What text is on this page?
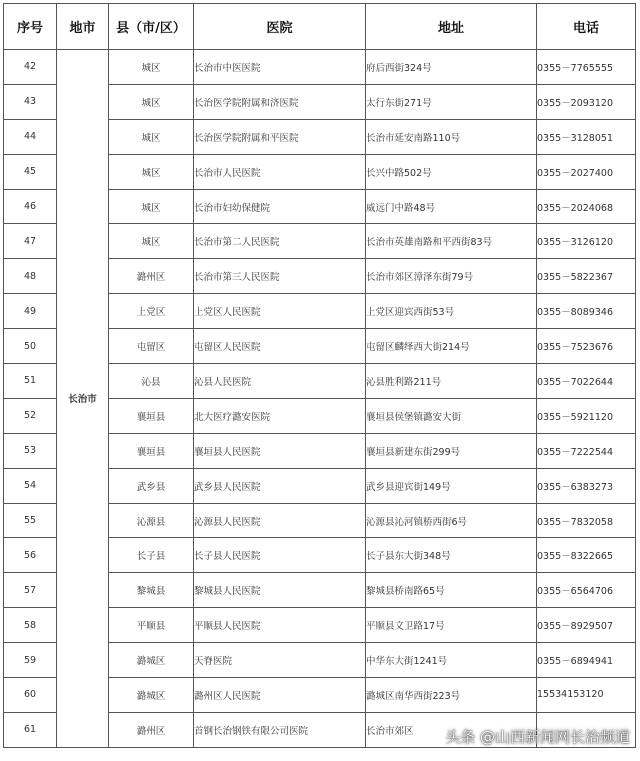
序号	地市	县（市/区）	医院	地址	电话
42	长治市	城区	长治市中医医院	府后西街324号	0355－7765555
43		城区	长治医学院附属和济医院	太行东街271号	0355－2093120
44		城区	长治医学院附属和平医院	长治市延安南路110号	0355－3128051
45		城区	长治市人民医院	长兴中路502号	0355－2027400
46		城区	长治市妇幼保健院	威远门中路48号	0355－2024068
47		城区	长治市第二人民医院	长治市英雄南路和平西街83号	0355－3126120
48		潞州区	长治市第三人民医院	长治市郊区漳泽东街79号	0355－5822367
49		上党区	上党区人民医院	上党区迎宾西街53号	0355－8089346
50		屯留区	屯留区人民医院	屯留区麟绎西大街214号	0355－7523676
51		沁县	沁县人民医院	沁县胜利路211号	0355－7022644
52		襄垣县	北大医疗潞安医院	襄垣县侯堡镇潞安大街	0355－5921120
53		襄垣县	襄垣县人民医院	襄垣县新建东街299号	0355－7222544
54		武乡县	武乡县人民医院	武乡县迎宾街149号	0355－6383273
55		沁源县	沁源县人民医院	沁源县沁河镇桥西街6号	0355－7832058
56		长子县	长子县人民医院	长子县东大街348号	0355－8322665
57		黎城县	黎城县人民医院	黎城县桥南路65号	0355－6564706
58		平顺县	平顺县人民医院	平顺县文卫路17号	0355－8929507
59		潞城区	天脊医院	中华东大街1241号	0355－6894941
60		潞城区	潞州区人民医院	潞城区南华西街223号	15534153120
61		潞州区	首钢长治钢铁有限公司医院	长治市郊区	头条 @山西新闻网长治频道
